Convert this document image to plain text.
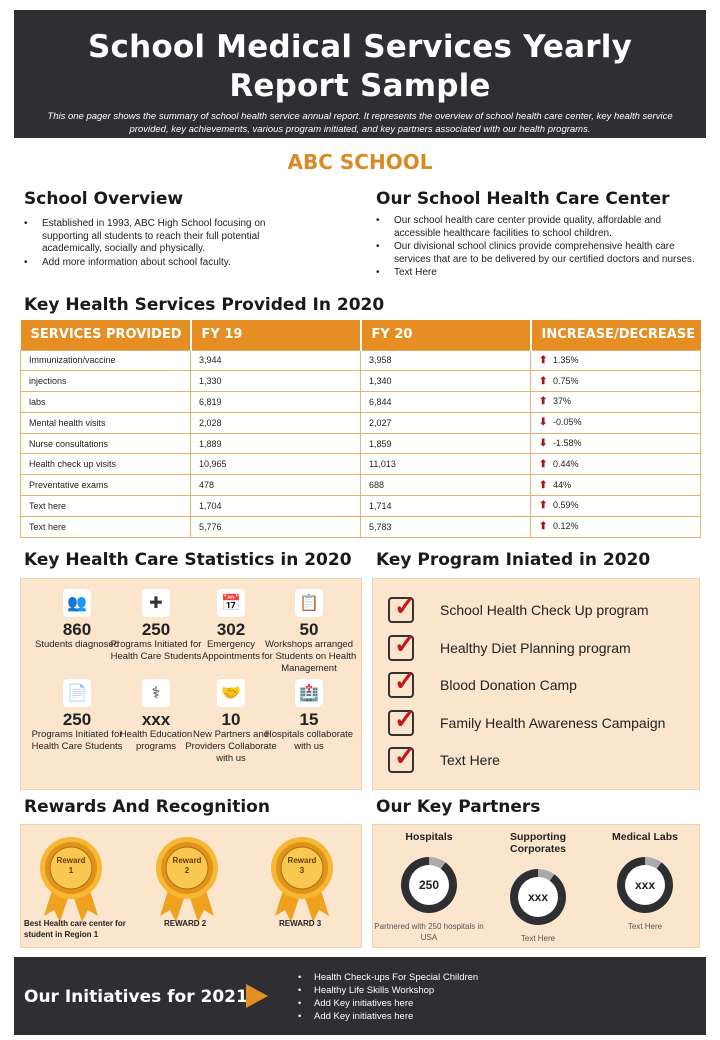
School Medical Services Yearly
Report Sample

This one pager shows the summary of school health service annual report. It represents the overview of school health care center, key health service provided, key achievements, various program initiated, and key partners associated with our health programs.

ABC SCHOOL
School Overview
• Established in 1993, ABC High School focusing on supporting all students to reach their full potential academically, socially and physically.
• Add more information about school faculty.
Our School Health Care Center
• Our school health care center provide quality, affordable and accessible healthcare facilities to school children.
• Our divisional school clinics provide comprehensive health care services that are to be delivered by our certified doctors and nurses.
• Text Here
Key Health Services Provided In 2020
SERVICES PROVIDED	FY 19	FY 20	INCREASE/DECREASE
Immunization/vaccine	3,944	3,958	⬆ 1.35%
injections	1,330	1,340	⬆ 0.75%
labs	6,819	6,844	⬆ 37%
Mental health visits	2,028	2,027	⬇ -0.05%
Nurse consultations	1,889	1,859	⬇ -1.58%
Health check up visits	10,965	11,013	⬆ 0.44%
Preventative exams	478	688	⬆ 44%
Text here	1,704	1,714	⬆ 0.59%
Text here	5,776	5,783	⬆ 0.12%
Key Health Care Statistics in 2020
👥
860
Students diagnosed
✚
250
Programs Initiated for Health Care Students
📅
302
Emergency Appointments
📋
50
Workshops arranged for Students on Health Management
📄
250
Programs Initiated for Health Care Students
⚕
xxx
Health Education programs
🤝
10
New Partners and Providers Collaborate with us
🏥
15
Hospitals collaborate with us
Key Program Iniated in 2020
✓ School Health Check Up program
✓ Healthy Diet Planning program
✓ Blood Donation Camp
✓ Family Health Awareness Campaign
✓ Text Here
Rewards And Recognition
Reward
1
Best Health care center for student in Region 1
Reward
2
REWARD 2
Reward
3
REWARD 3
Our Key Partners
Hospitals
250
Partnered with 250 hospitals in USA
Supporting Corporates
xxx
Text Here
Medical Labs
xxx
Text Here
Our Initiatives for 2021
• Health Check-ups For Special Children
• Healthy Life Skills Workshop
• Add Key initiatives here
• Add Key initiatives here
